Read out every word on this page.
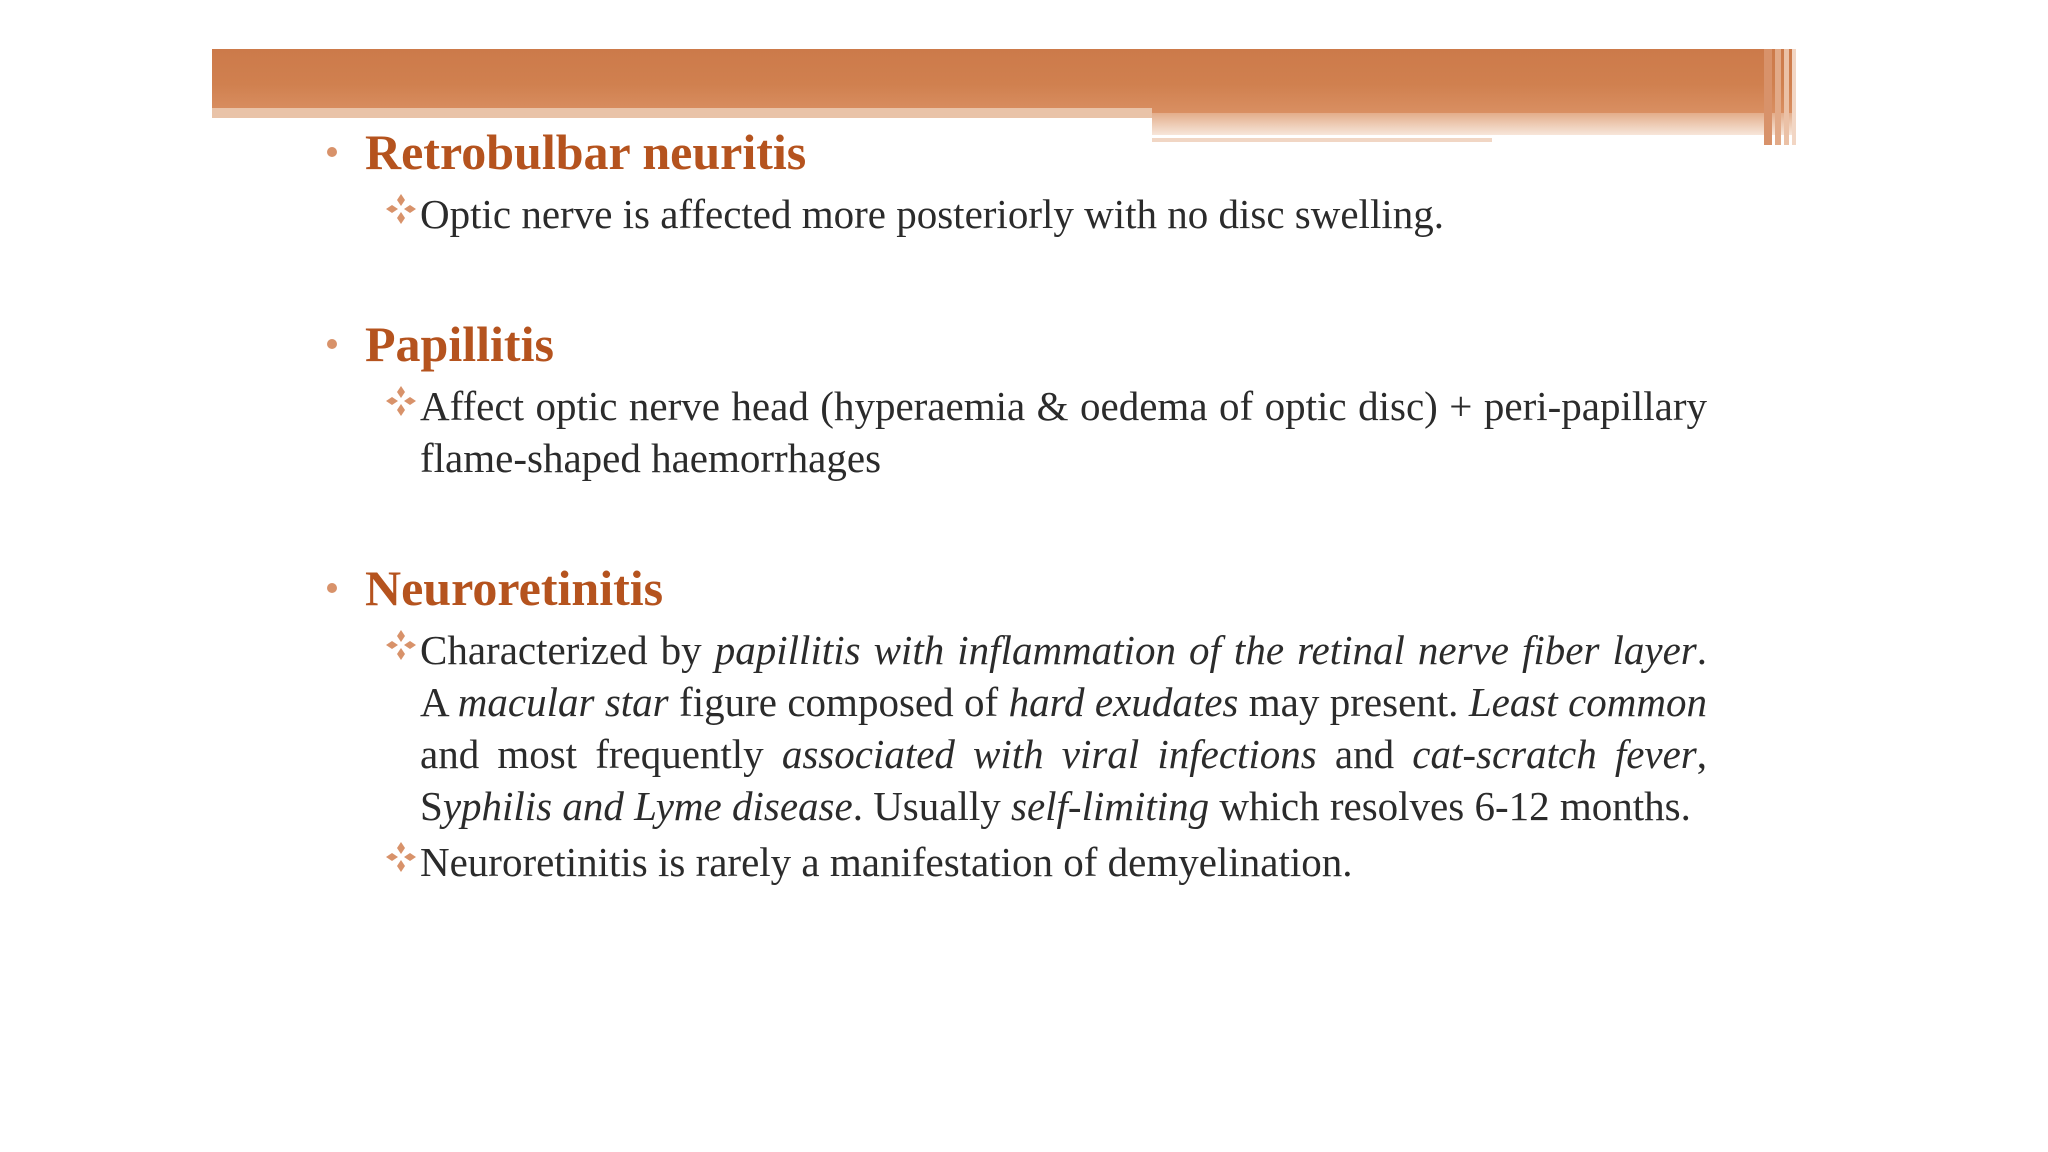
Retrobulbar neuritis
Optic nerve is affected more posteriorly with no disc swelling.
Papillitis
Affect optic nerve head (hyperaemia & oedema of optic disc) + peri-papillary flame-shaped haemorrhages
Neuroretinitis
Characterized by papillitis with inflammation of the retinal nerve fiber layer. A macular star figure composed of hard exudates may present. Least common and most frequently associated with viral infections and cat-scratch fever, Syphilis and Lyme disease. Usually self-limiting which resolves 6-12 months.
Neuroretinitis is rarely a manifestation of demyelination.
